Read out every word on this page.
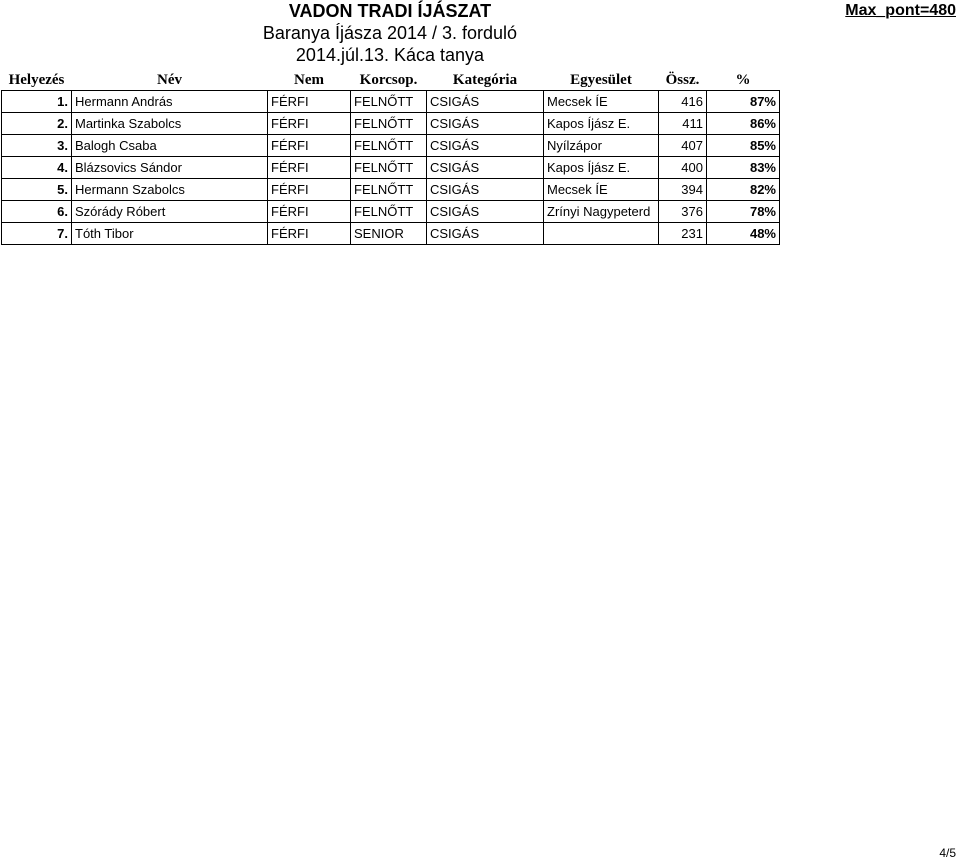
VADON TRADI ÍJÁSZAT
Baranya Íjásza 2014 / 3. forduló
2014.júl.13. Káca tanya
Max_pont=480
Helyezés	Név	Nem	Korcsop.	Kategória	Egyesület	Össz.	%
1.	Hermann András	FÉRFI	FELNŐTT	CSIGÁS	Mecsek ÍE	416	87%
2.	Martinka Szabolcs	FÉRFI	FELNŐTT	CSIGÁS	Kapos Íjász E.	411	86%
3.	Balogh Csaba	FÉRFI	FELNŐTT	CSIGÁS	Nyílzápor	407	85%
4.	Blázsovics Sándor	FÉRFI	FELNŐTT	CSIGÁS	Kapos Íjász E.	400	83%
5.	Hermann Szabolcs	FÉRFI	FELNŐTT	CSIGÁS	Mecsek ÍE	394	82%
6.	Szórády Róbert	FÉRFI	FELNŐTT	CSIGÁS	Zrínyi Nagypeterd	376	78%
7.	Tóth Tibor	FÉRFI	SENIOR	CSIGÁS		231	48%
4/5
